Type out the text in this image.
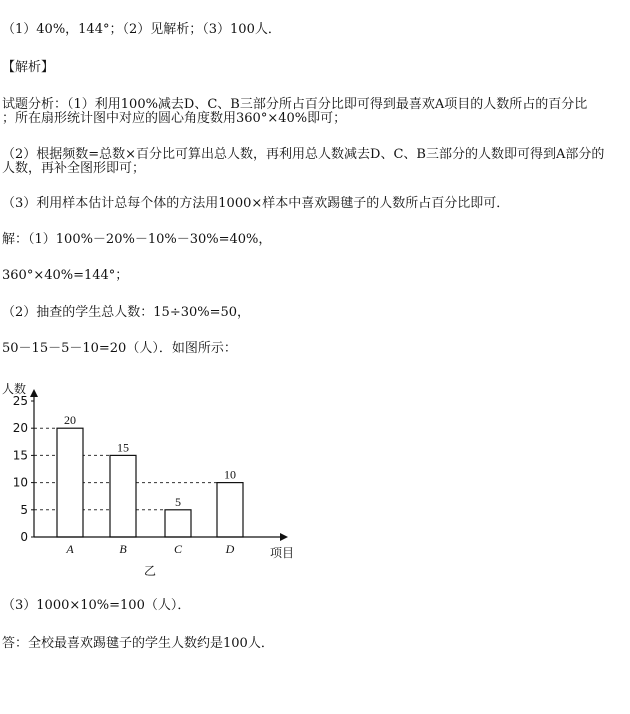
（1）40%，144°；（2）见解析；（3）100人．
【解析】
试题分析：（1）利用100%减去D、C、B三部分所占百分比即可得到最喜欢A项目的人数所占的百分比
；所在扇形统计图中对应的圆心角度数用360°×40%即可；
（2）根据频数=总数×百分比可算出总人数，再利用总人数减去D、C、B三部分的人数即可得到A部分的
人数，再补全图形即可；
（3）利用样本估计总每个体的方法用1000×样本中喜欢踢毽子的人数所占百分比即可．
解：（1）100%－20%－10%－30%=40%，
360°×40%=144°；
（2）抽查的学生总人数：15÷30%=50，
50－15－5－10=20（人）．如图所示：
0
5
10
15
20
25
A	B	C	D
20
15
5
10
人数
项目
乙
（3）1000×10%=100（人）．
答：全校最喜欢踢毽子的学生人数约是100人．
